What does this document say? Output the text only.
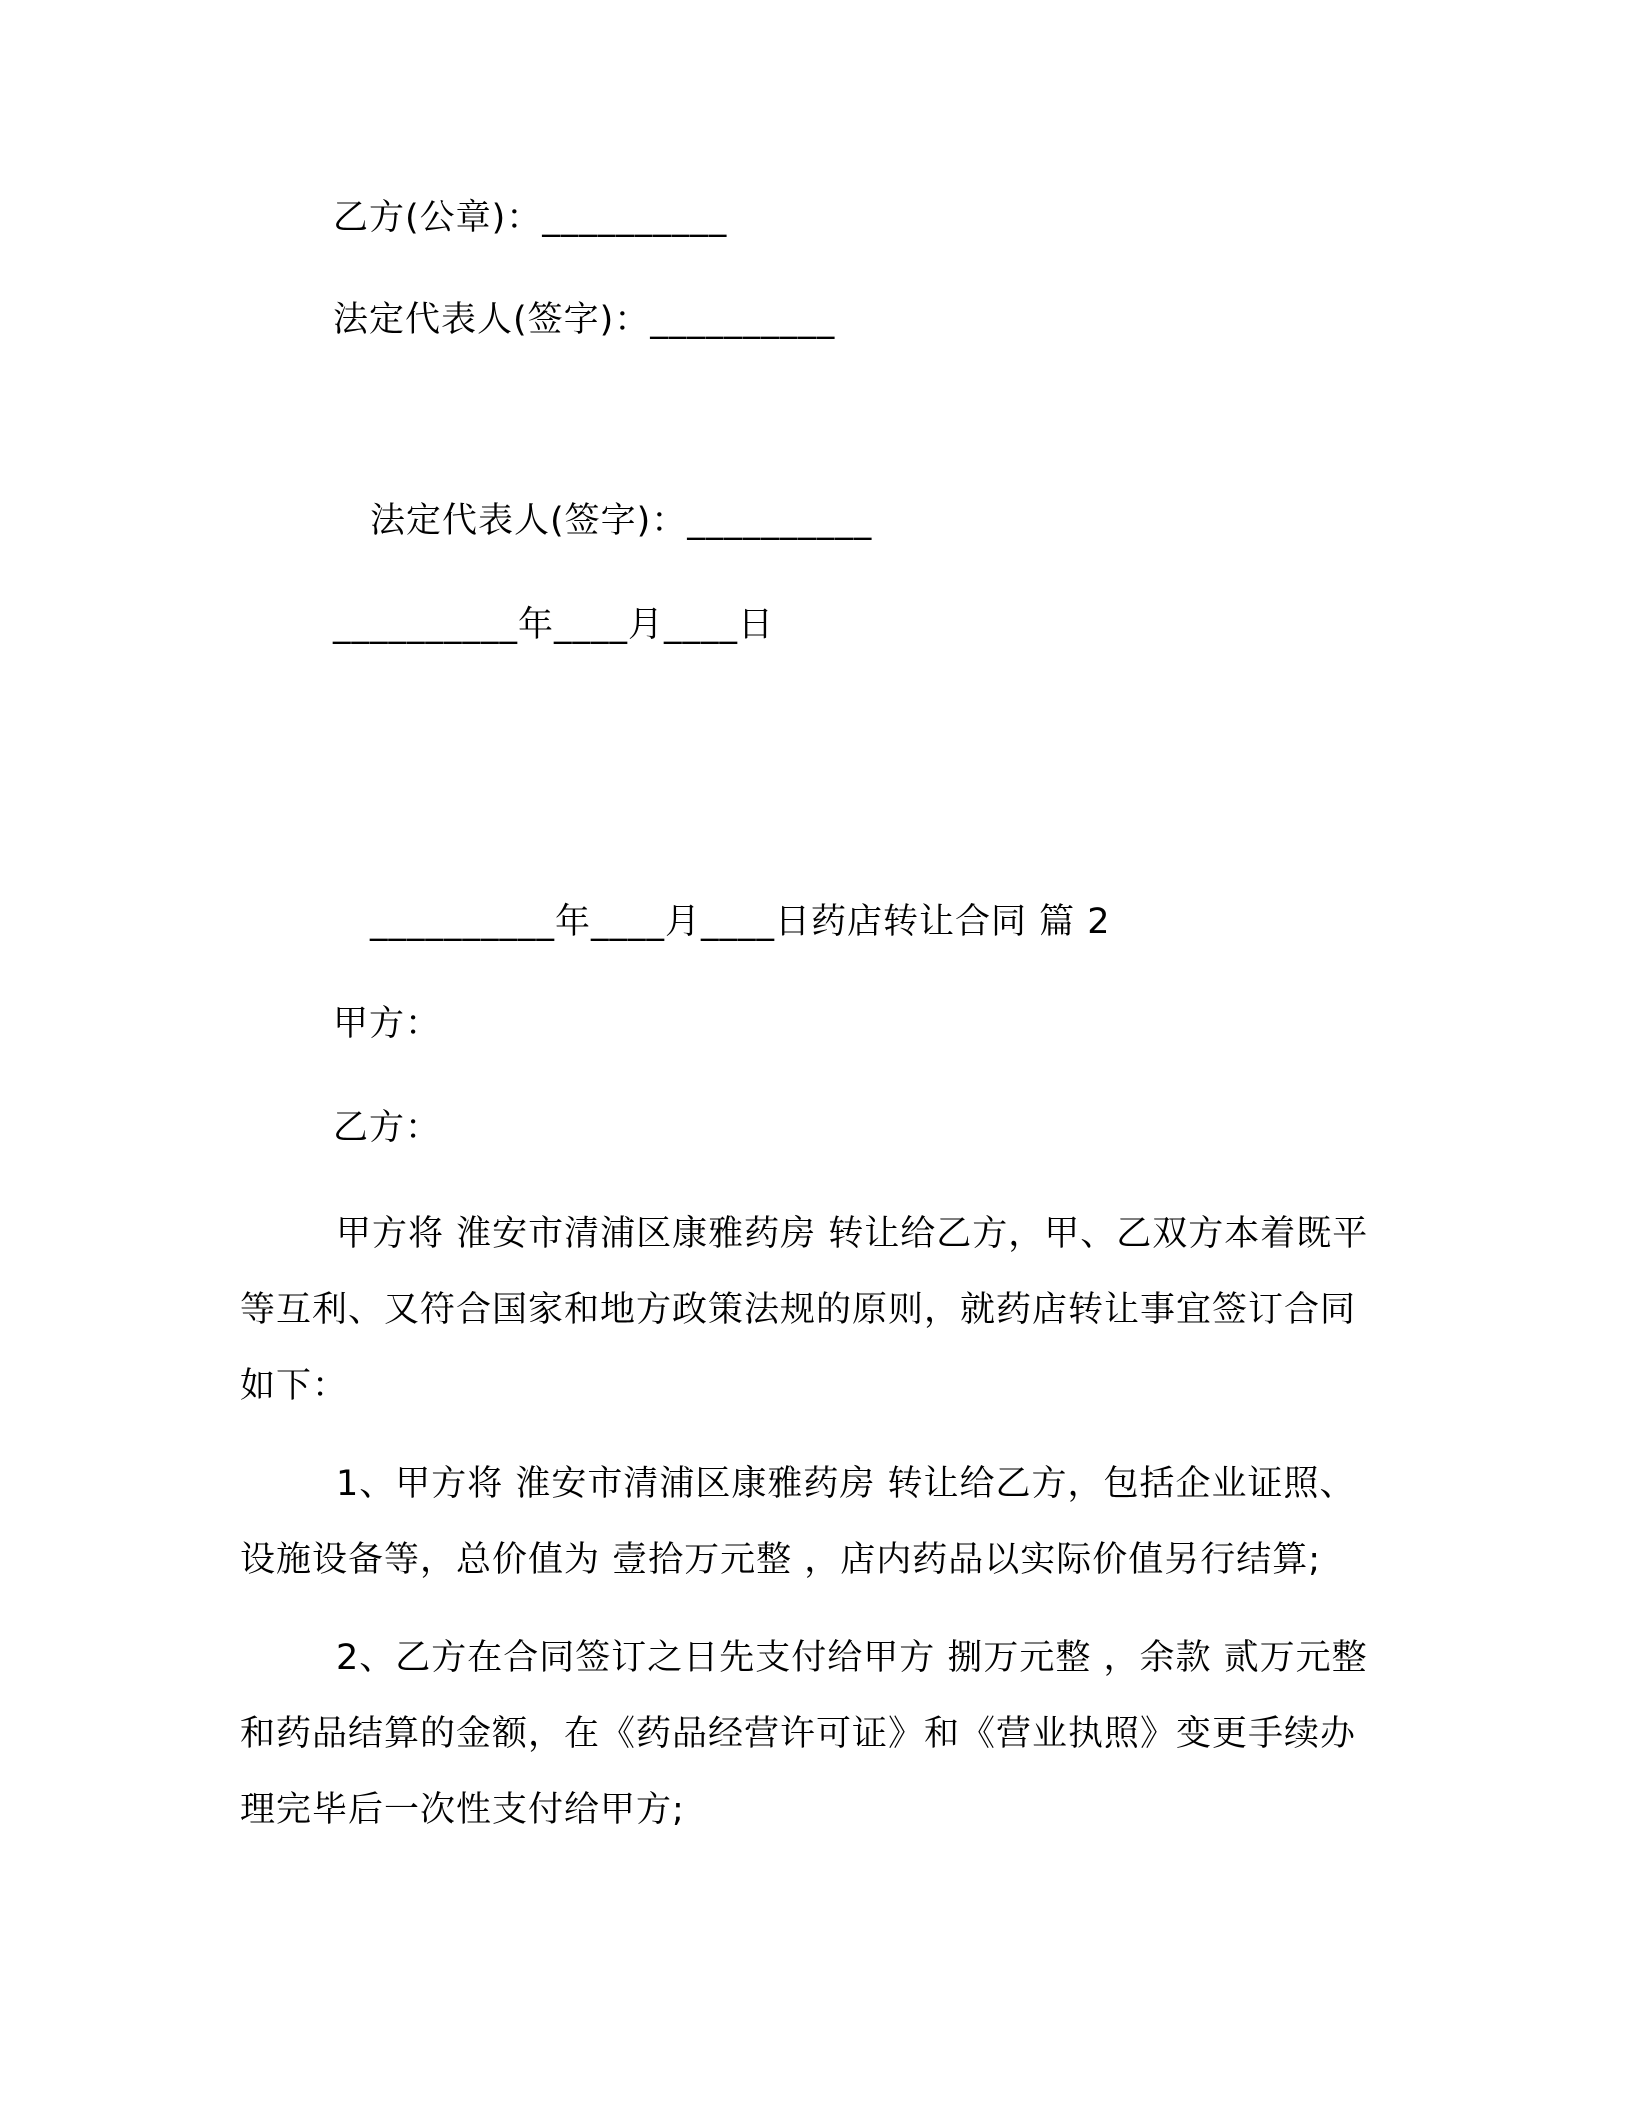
乙方(公章)：__________
法定代表人(签字)：__________
法定代表人(签字)：__________
__________年____月____日
__________年____月____日药店转让合同 篇 2
甲方：
乙方：
甲方将 淮安市清浦区康雅药房 转让给乙方，甲、乙双方本着既平等互利、又符合国家和地方政策法规的原则，就药店转让事宜签订合同如下：
1、甲方将 淮安市清浦区康雅药房 转让给乙方，包括企业证照、设施设备等，总价值为 壹拾万元整 ，店内药品以实际价值另行结算;
2、乙方在合同签订之日先支付给甲方 捌万元整 ，余款 贰万元整 和药品结算的金额，在《药品经营许可证》和《营业执照》变更手续办理完毕后一次性支付给甲方;
